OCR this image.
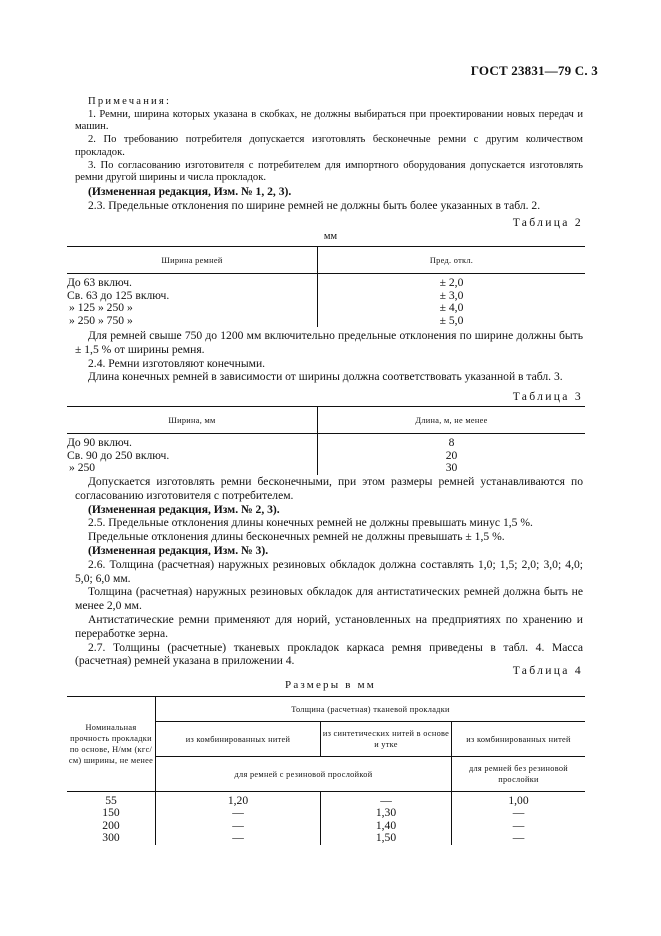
ГОСТ 23831—79 С. 3

Примечания:

1. Ремни, ширина которых указана в скобках, не должны выбираться при проектировании новых передач и машин.

2. По требованию потребителя допускается изготовлять бесконечные ремни с другим количеством прокладок.

3. По согласованию изготовителя с потребителем для импортного оборудования допускается изготовлять ремни другой ширины и числа прокладок.

(Измененная редакция, Изм. № 1, 2, 3).

2.3. Предельные отклонения по ширине ремней не должны быть более указанных в табл. 2.

Таблица 2
мм
Ширина ремней	Пред. откл.
До 63 включ.	± 2,0
Св. 63 до 125 включ.	± 3,0
» 125 » 250 »	± 4,0
» 250 » 750 »	± 5,0

Для ремней свыше 750 до 1200 мм включительно предельные отклонения по ширине должны быть ± 1,5 % от ширины ремня.

2.4. Ремни изготовляют конечными.

Длина конечных ремней в зависимости от ширины должна соответствовать указанной в табл. 3.

Таблица 3
Ширина, мм	Длина, м, не менее
До 90 включ.	8
Св. 90 до 250 включ.	20
» 250	30

Допускается изготовлять ремни бесконечными, при этом размеры ремней устанавливаются по согласованию изготовителя с потребителем.

(Измененная редакция, Изм. № 2, 3).

2.5. Предельные отклонения длины конечных ремней не должны превышать минус 1,5 %.

Предельные отклонения длины бесконечных ремней не должны превышать ± 1,5 %.

(Измененная редакция, Изм. № 3).

2.6. Толщина (расчетная) наружных резиновых обкладок должна составлять 1,0; 1,5; 2,0; 3,0; 4,0; 5,0; 6,0 мм.

Толщина (расчетная) наружных резиновых обкладок для антистатических ремней должна быть не менее 2,0 мм.

Антистатические ремни применяют для норий, установленных на предприятиях по хранению и переработке зерна.

2.7. Толщины (расчетные) тканевых прокладок каркаса ремня приведены в табл. 4. Масса (расчетная) ремней указана в приложении 4.

Таблица 4
Размеры в мм
Номинальная прочность прокладки по основе, Н/мм (кгс/см) ширины, не менее	Толщина (расчетная) тканевой прокладки		
	из комбинированных нитей	из синтетических нитей в основе и утке	из комбинированных нитей
	для ремней с резиновой прослойкой		для ремней без резиновой прослойки
55	1,20	—	1,00
150	—	1,30	—
200	—	1,40	—
300	—	1,50	—
